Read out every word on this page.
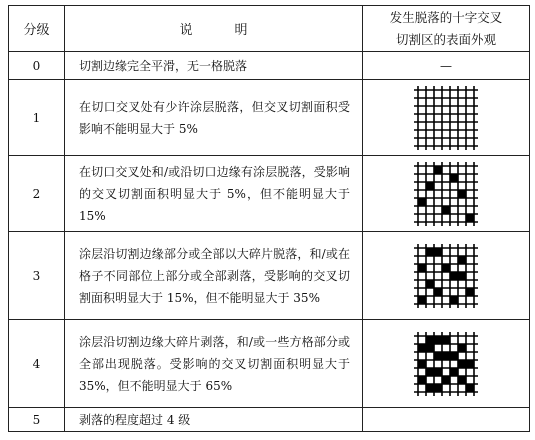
分级	说 明	发生脱落的十字交叉
切割区的表面外观

0	切割边缘完全平滑，无一格脱落	—
1	在切口交叉处有少许涂层脱落，但交叉切割面积受影响不能明显大于 5%

2	在切口交叉处和/或沿切口边缘有涂层脱落，受影响的交叉切割面积明显大于 5%，但不能明显大于 15%

3	涂层沿切割边缘部分或全部以大碎片脱落，和/或在格子不同部位上部分或全部剥落，受影响的交叉切割面积明显大于 15%，但不能明显大于 35%

4	涂层沿切割边缘大碎片剥落，和/或一些方格部分或全部出现脱落。受影响的交叉切割面积明显大于 35%，但不能明显大于 65%

5	剥落的程度超过 4 级	
